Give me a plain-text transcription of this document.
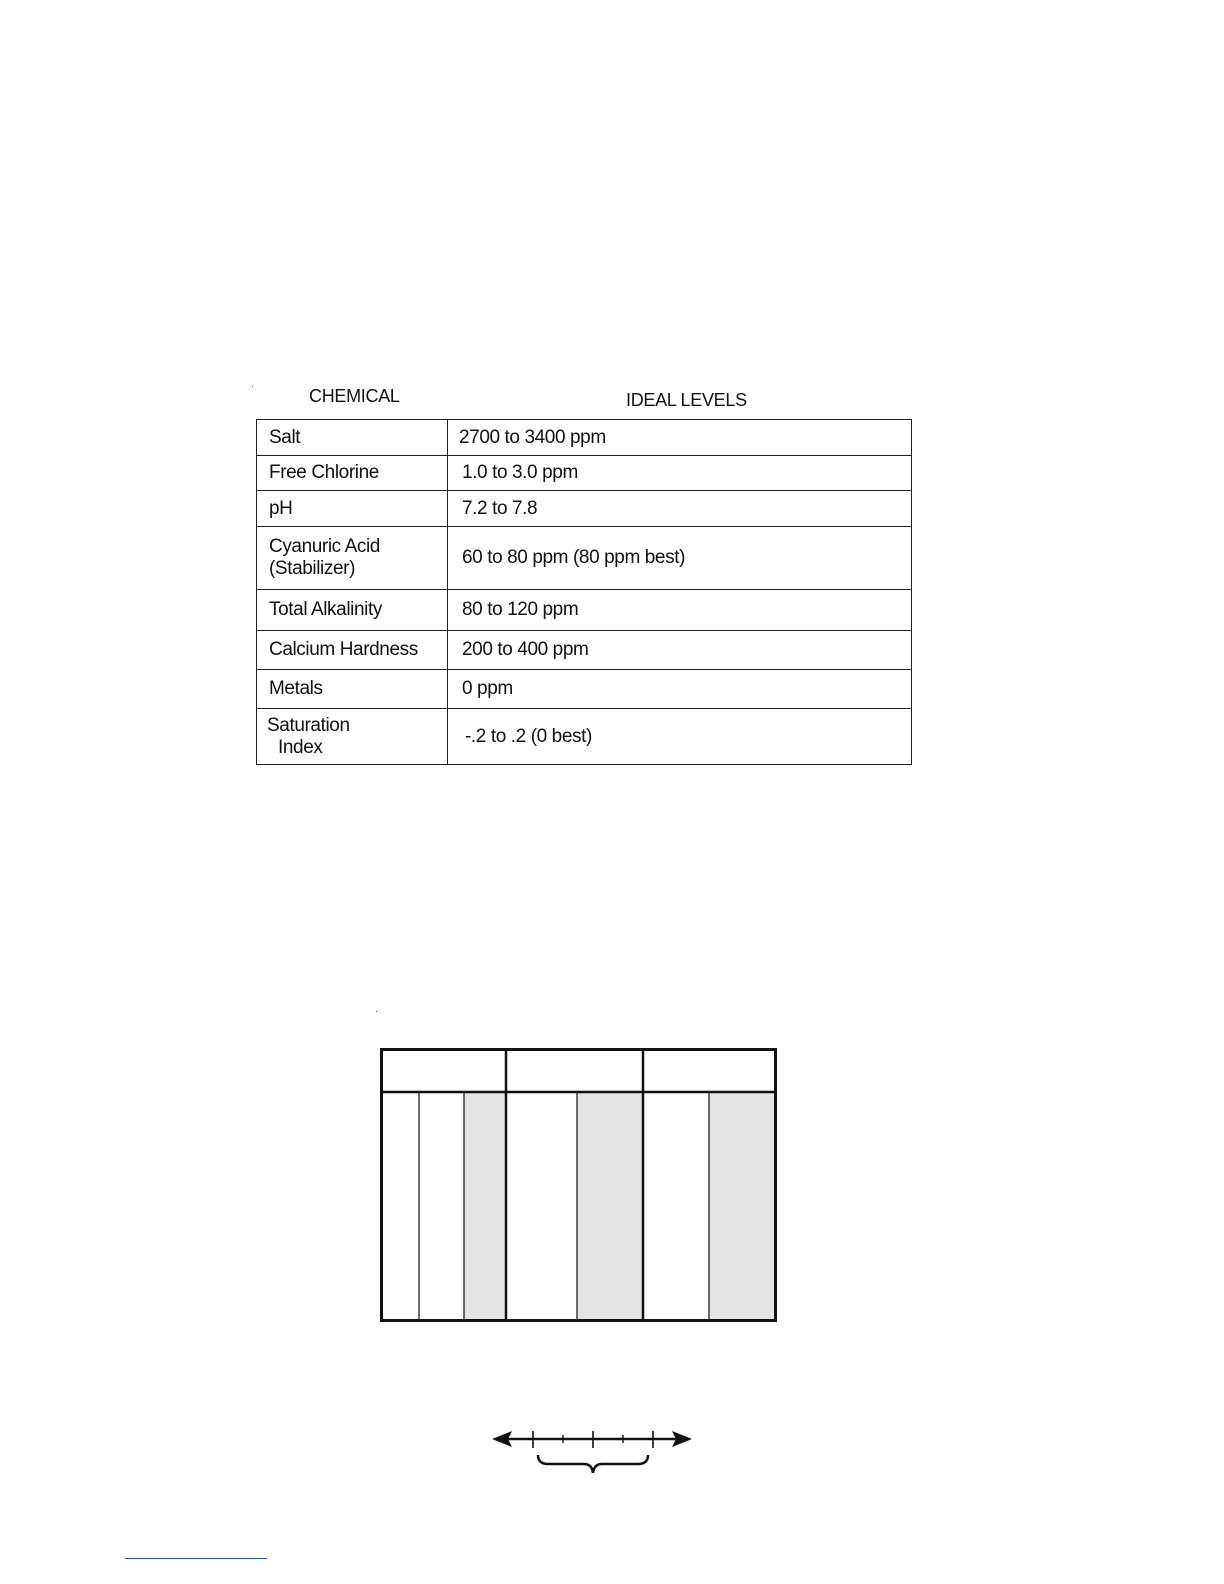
CHEMICAL	IDEAL LEVELS
Salt	2700 to 3400 ppm
Free Chlorine	1.0 to 3.0 ppm
pH	7.2 to 7.8
Cyanuric Acid
(Stabilizer)	60 to 80 ppm (80 ppm best)
Total Alkalinity	80 to 120 ppm
Calcium Hardness	200 to 400 ppm
Metals	0 ppm
Saturation
Index	-.2 to .2 (0 best)
